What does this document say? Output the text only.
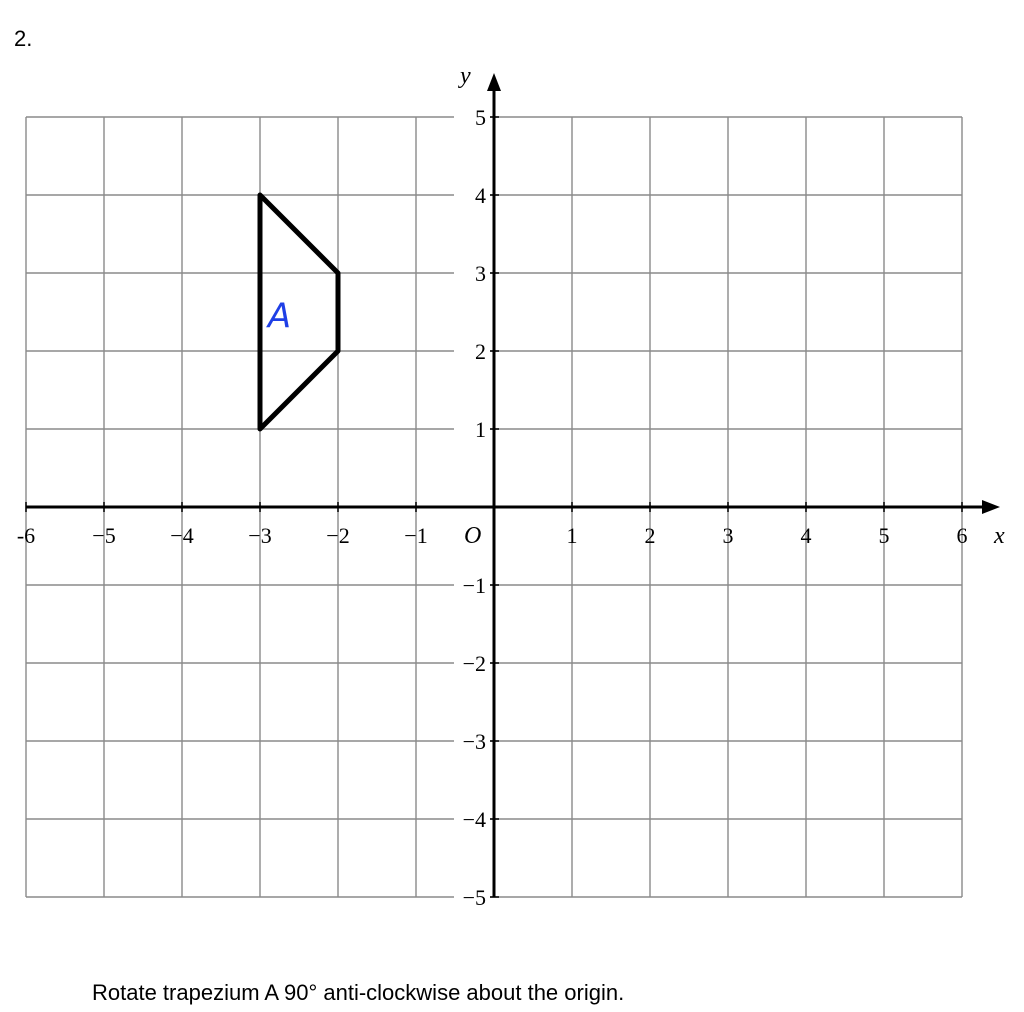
2.
x
y
O
-6	−5 −4 −3 −2 −1	1	2	3	4	5	6
5
4
3
2
1
−1
−2
−3
−4
−5
A
Rotate trapezium A 90° anti-clockwise about the origin.
